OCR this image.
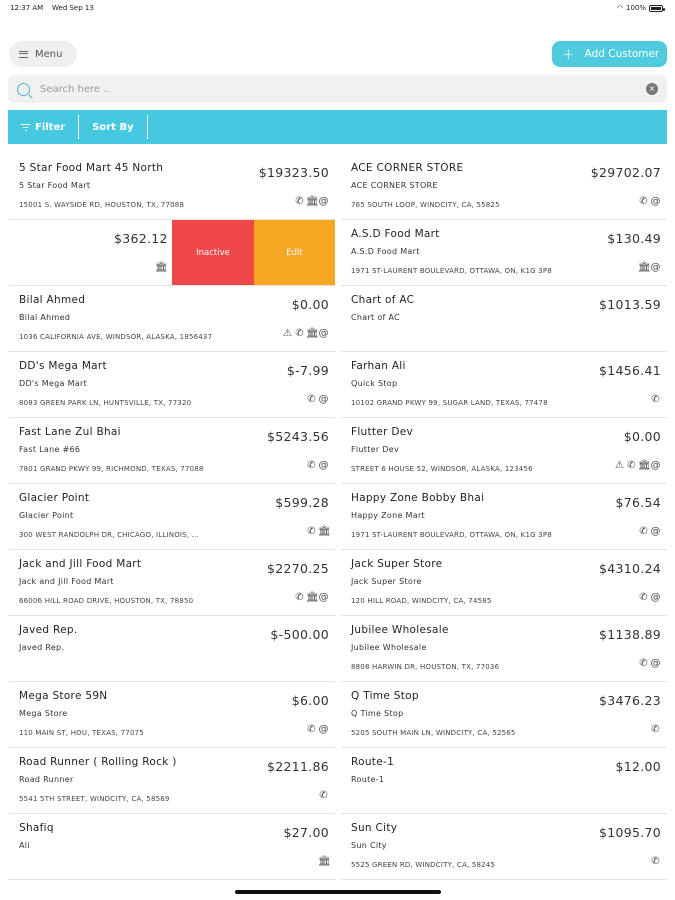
12:37 AM Wed Sep 13	◠ 100%
Menu	+ Add Customer
Search here ..
×
Filter	Sort By
5 Star Food Mart 45 North
5 Star Food Mart
15001 S. WAYSIDE RD, HOUSTON, TX, 77088
$19323.50
✆ 🏛 @
$362.12
🏛
Inactive	Edit
Bilal Ahmed
Bilal Ahmed
1036 CALIFORNIA AVE, WINDSOR, ALASKA, 1856437
$0.00
⚠ ✆ 🏛 @
DD's Mega Mart
DD's Mega Mart
8083 GREEN PARK LN, HUNTSVILLE, TX, 77320
$-7.99
✆ @
Fast Lane Zul Bhai
Fast Lane #66
7801 GRAND PKWY 99, RICHMOND, TEXAS, 77088
$5243.56
✆ @
Glacier Point
Glacier Point
300 WEST RANDOLPH DR, CHICAGO, ILLINOIS, ...
$599.28
✆ 🏛
Jack and Jill Food Mart
Jack and Jill Food Mart
66006 HILL ROAD DRIVE, HOUSTON, TX, 78850
$2270.25
✆ 🏛 @
Javed Rep.
Javed Rep.
$-500.00
Mega Store 59N
Mega Store
110 MAIN ST, HOU, TEXAS, 77075
$6.00
✆ @
Road Runner ( Rolling Rock )
Road Runner
5541 5TH STREET, WINDCITY, CA, 58569
$2211.86
✆
Shafiq
Ali
$27.00
🏛
ACE CORNER STORE
ACE CORNER STORE
765 SOUTH LOOP, WINDCITY, CA, 55825
$29702.07
✆ @
A.S.D Food Mart
A.S.D Food Mart
1971 ST-LAURENT BOULEVARD, OTTAWA, ON, K1G 3P8
$130.49
🏛 @
Chart of AC
Chart of AC
$1013.59
Farhan Ali
Quick Stop
10102 GRAND PKWY 99, SUGAR LAND, TEXAS, 77478
$1456.41
✆
Flutter Dev
Flutter Dev
STREET 6 HOUSE 52, WINDSOR, ALASKA, 123456
$0.00
⚠ ✆ 🏛 @
Happy Zone Bobby Bhai
Happy Zone Mart
1971 ST-LAURENT BOULEVARD, OTTAWA, ON, K1G 3P8
$76.54
✆ @
Jack Super Store
Jack Super Store
120 HILL ROAD, WINDCITY, CA, 74585
$4310.24
✆ @
Jubilee Wholesale
Jubilee Wholesale
8808 HARWIN DR, HOUSTON, TX, 77036
$1138.89
✆ @
Q Time Stop
Q Time Stop
5205 SOUTH MAIN LN, WINDCITY, CA, 52565
$3476.23
✆
Route-1
Route-1
$12.00
Sun City
Sun City
5525 GREEN RD, WINDCITY, CA, 58245
$1095.70
✆
